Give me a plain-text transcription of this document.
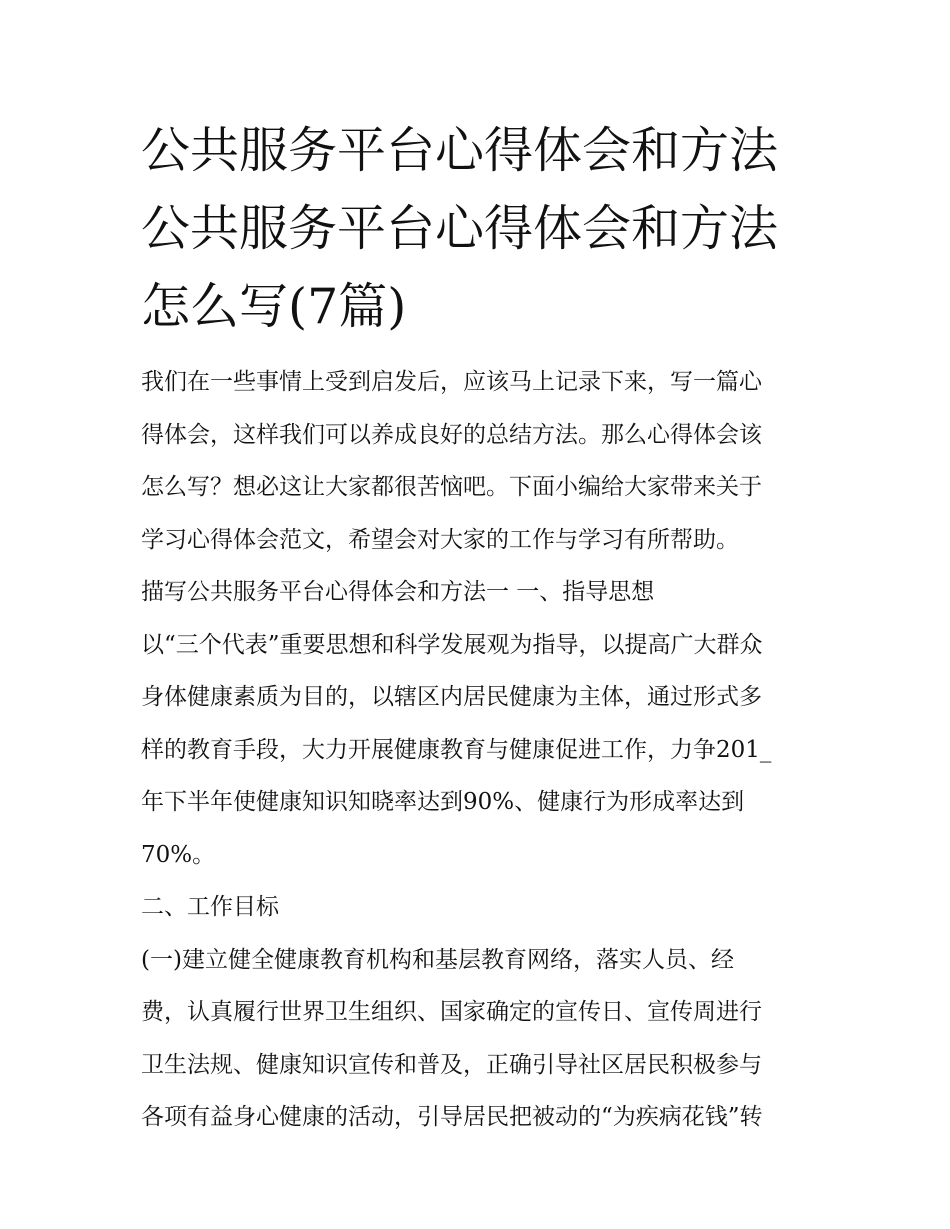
公共服务平台心得体会和方法
公共服务平台心得体会和方法
怎么写(7篇)

我们在一些事情上受到启发后，应该马上记录下来，写一篇心

得体会，这样我们可以养成良好的总结方法。那么心得体会该

怎么写？想必这让大家都很苦恼吧。下面小编给大家带来关于

学习心得体会范文，希望会对大家的工作与学习有所帮助。

描写公共服务平台心得体会和方法一 一、指导思想

以“三个代表”重要思想和科学发展观为指导，以提高广大群众

身体健康素质为目的，以辖区内居民健康为主体，通过形式多

样的教育手段，大力开展健康教育与健康促进工作，力争201_

年下半年使健康知识知晓率达到90%、健康行为形成率达到

70%。

二、工作目标

(一)建立健全健康教育机构和基层教育网络，落实人员、经

费，认真履行世界卫生组织、国家确定的宣传日、宣传周进行

卫生法规、健康知识宣传和普及，正确引导社区居民积极参与

各项有益身心健康的活动，引导居民把被动的“为疾病花钱”转
